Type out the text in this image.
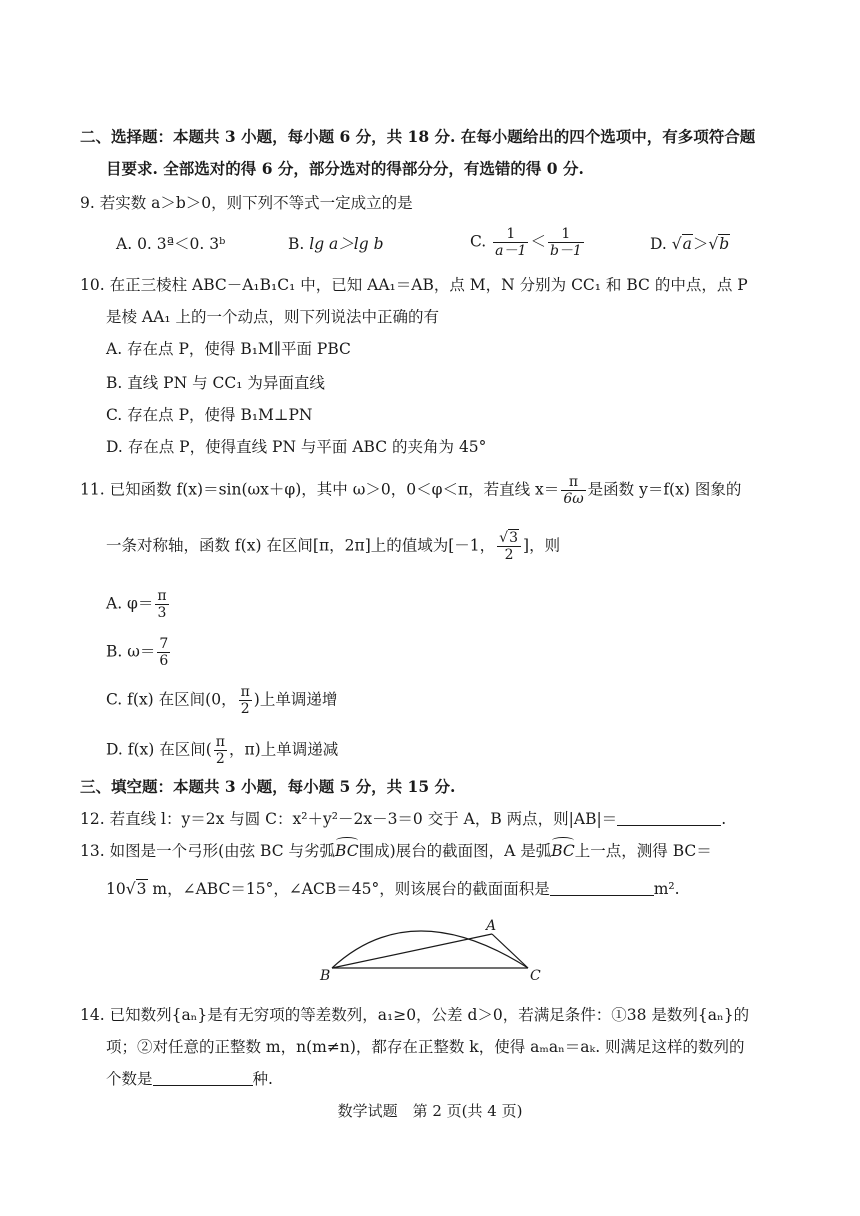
二、选择题：本题共 3 小题，每小题 6 分，共 18 分. 在每小题给出的四个选项中，有多项符合题
目要求. 全部选对的得 6 分，部分选对的得部分分，有选错的得 0 分.
9. 若实数 a＞b＞0，则下列不等式一定成立的是
A. 0. 3ª＜0. 3ᵇ	B. lg a＞lg b	C. $\frac{1}{a-1} < \frac{1}{b-1}$	D. √a＞√b
10. 在正三棱柱 ABC－A₁B₁C₁ 中，已知 AA₁＝AB，点 M，N 分别为 CC₁ 和 BC 的中点，点 P
是棱 AA₁ 上的一个动点，则下列说法中正确的有
A. 存在点 P，使得 B₁M∥平面 PBC
B. 直线 PN 与 CC₁ 为异面直线
C. 存在点 P，使得 B₁M⊥PN
D. 存在点 P，使得直线 PN 与平面 ABC 的夹角为 45°
11. 已知函数 f(x)＝sin(ωx＋φ)，其中 ω＞0，0＜φ＜π，若直线 $x= \frac{\pi}{6\omega}$ 是函数 y＝f(x) 图象的
一条对称轴，函数 f(x) 在区间[π，2π]上的值域为[－1， $\frac{√3}{2}$ ]，则
A. $\varphi= \frac{\pi}{3}$
B. $\omega= \frac{7}{6}$
C. f(x) 在区间(0， $\frac{\pi}{2}$ )上单调递增
D. f(x) 在区间( $\frac{\pi}{2}$ ，π)上单调递减
三、填空题：本题共 3 小题，每小题 5 分，共 15 分.
12. 若直线 l：y＝2x 与圆 C：x²＋y²－2x－3＝0 交于 A，B 两点，则|AB|＝	.
13. 如图是一个弓形(由弦 BC 与劣弧BC围成)展台的截面图，A 是弧BC上一点，测得 BC＝
10√3 m，∠ABC＝15°，∠ACB＝45°，则该展台的截面面积是	m².
A
B	C
14. 已知数列{aₙ}是有无穷项的等差数列，a₁≥0，公差 d＞0，若满足条件：①38 是数列{aₙ}的
项；②对任意的正整数 m，n(m≠n)，都存在正整数 k，使得 aₘaₙ＝aₖ. 则满足这样的数列的
个数是	种.
数学试题　第 2 页(共 4 页)
